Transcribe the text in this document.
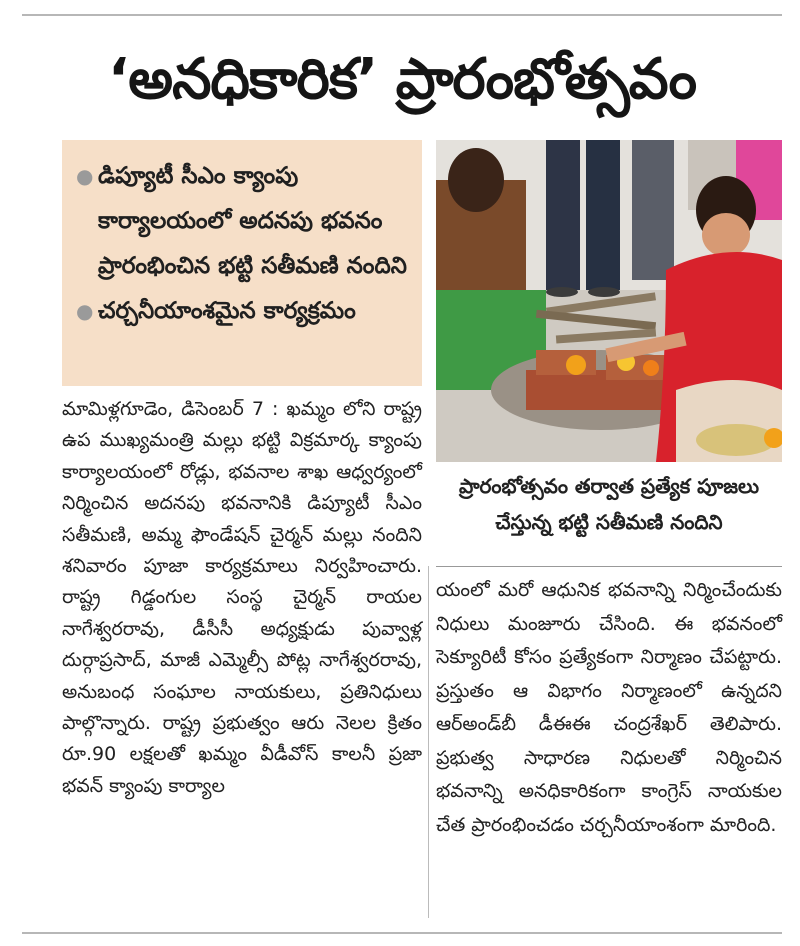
‘అనధికారిక’ ప్రారంభోత్సవం
● డిప్యూటీ సీఎం క్యాంపు కార్యాలయంలో అదనపు భవనం ప్రారంభించిన భట్టి సతీమణి నందిని
● చర్చనీయాంశమైన కార్యక్రమం
ప్రారంభోత్సవం తర్వాత ప్రత్యేక పూజలు చేస్తున్న భట్టి సతీమణి నందిని
మామిళ్లగూడెం, డిసెంబర్ 7 : ఖమ్మం లోని రాష్ట్ర ఉప ముఖ్యమంత్రి మల్లు భట్టి విక్రమార్క క్యాంపు కార్యాలయంలో రోడ్లు, భవనాల శాఖ ఆధ్వర్యంలో నిర్మించిన అదనపు భవనానికి డిప్యూటీ సీఎం సతీమణి, అమ్మ ఫౌండేషన్ చైర్మన్ మల్లు నందిని శనివారం పూజా కార్యక్రమాలు నిర్వహించారు. రాష్ట్ర గిడ్డంగుల సంస్థ చైర్మన్ రాయల నాగేశ్వరరావు, డీసీసీ అధ్యక్షుడు పువ్వాళ్ల దుర్గాప్రసాద్, మాజీ ఎమ్మెల్సీ పోట్ల నాగేశ్వరరావు, అనుబంధ సంఘాల నాయకులు, ప్రతినిధులు పాల్గొన్నారు. రాష్ట్ర ప్రభుత్వం ఆరు నెలల క్రితం రూ.90 లక్షలతో ఖమ్మం వీడీవోస్ కాలనీ ప్రజా భవన్ క్యాంపు కార్యాల
యంలో మరో ఆధునిక భవనాన్ని నిర్మించేందుకు నిధులు మంజూరు చేసింది. ఈ భవనంలో సెక్యూరిటీ కోసం ప్రత్యేకంగా నిర్మాణం చేపట్టారు. ప్రస్తుతం ఆ విభాగం నిర్మాణంలో ఉన్నదని ఆర్అండ్‌బీ డీఈఈ చంద్రశేఖర్ తెలిపారు. ప్రభుత్వ సాధారణ నిధులతో నిర్మించిన భవనాన్ని అనధికారికంగా కాంగ్రెస్ నాయకుల చేత ప్రారంభించడం చర్చనీయాంశంగా మారింది.
